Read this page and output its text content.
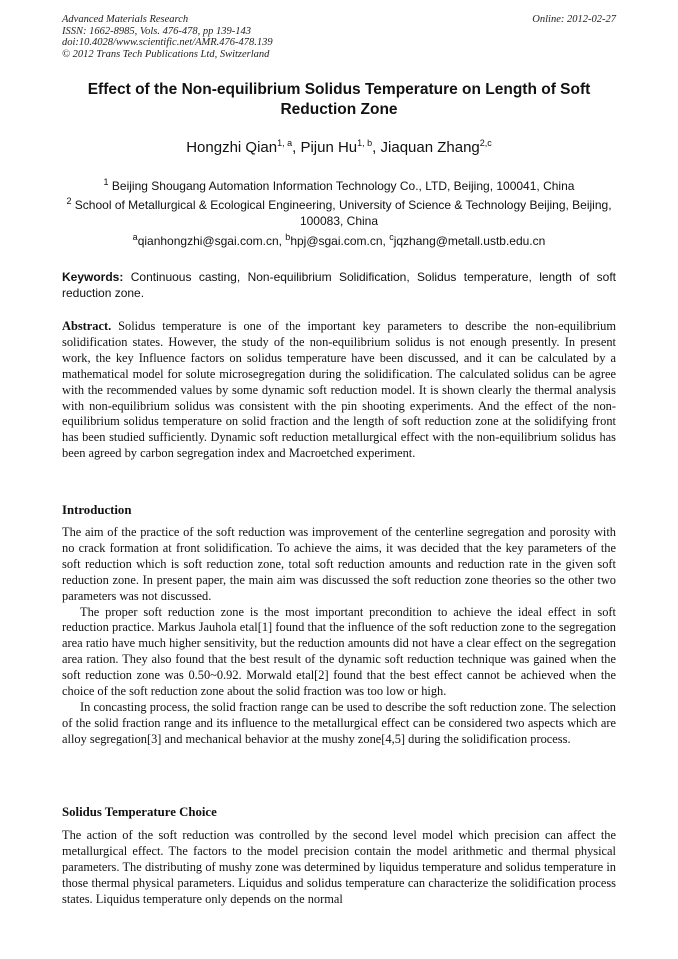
Advanced Materials Research
ISSN: 1662-8985, Vols. 476-478, pp 139-143
doi:10.4028/www.scientific.net/AMR.476-478.139
© 2012 Trans Tech Publications Ltd, Switzerland
Online: 2012-02-27
Effect of the Non-equilibrium Solidus Temperature on Length of Soft Reduction Zone
Hongzhi Qian$^{1, a}$, Pijun Hu$^{1, b}$, Jiaquan Zhang$^{2,c}$
$^1$ Beijing Shougang Automation Information Technology Co., LTD, Beijing, 100041, China
$^2$ School of Metallurgical & Ecological Engineering, University of Science & Technology Beijing, Beijing, 100083, China
$^a$qianhongzhi@sgai.com.cn, $^b$hpj@sgai.com.cn, $^c$jqzhang@metall.ustb.edu.cn
Keywords: Continuous casting, Non-equilibrium Solidification, Solidus temperature, length of soft reduction zone.

Abstract. Solidus temperature is one of the important key parameters to describe the non-equilibrium solidification states. However, the study of the non-equilibrium solidus is not enough presently. In present work, the key Influence factors on solidus temperature have been discussed, and it can be calculated by a mathematical model for solute microsegregation during the solidification. The calculated solidus can be agree with the recommended values by some dynamic soft reduction model. It is shown clearly the thermal analysis with non-equilibrium solidus was consistent with the pin shooting experiments. And the effect of the non-equilibrium solidus temperature on solid fraction and the length of soft reduction zone at the solidifying front has been studied sufficiently. Dynamic soft reduction metallurgical effect with the non-equilibrium solidus has been agreed by carbon segregation index and Macroetched experiment.

Introduction

The aim of the practice of the soft reduction was improvement of the centerline segregation and porosity with no crack formation at front solidification. To achieve the aims, it was decided that the key parameters of the soft reduction which is soft reduction zone, total soft reduction amounts and reduction rate in the given soft reduction zone. In present paper, the main aim was discussed the soft reduction zone theories so the other two parameters was not discussed.

The proper soft reduction zone is the most important precondition to achieve the ideal effect in soft reduction practice. Markus Jauhola etal[1] found that the influence of the soft reduction zone to the segregation area ratio have much higher sensitivity, but the reduction amounts did not have a clear effect on the segregation area ration. They also found that the best result of the dynamic soft reduction technique was gained when the soft reduction zone was 0.50~0.92. Morwald etal[2] found that the best effect cannot be achieved when the choice of the soft reduction zone about the solid fraction was too low or high.

In concasting process, the solid fraction range can be used to describe the soft reduction zone. The selection of the solid fraction range and its influence to the metallurgical effect can be considered two aspects which are alloy segregation[3] and mechanical behavior at the mushy zone[4,5] during the solidification process.

Solidus Temperature Choice

The action of the soft reduction was controlled by the second level model which precision can affect the metallurgical effect. The factors to the model precision contain the model arithmetic and thermal physical parameters. The distributing of mushy zone was determined by liquidus temperature and solidus temperature in those thermal physical parameters. Liquidus and solidus temperature can characterize the solidification process states. Liquidus temperature only depends on the normal
